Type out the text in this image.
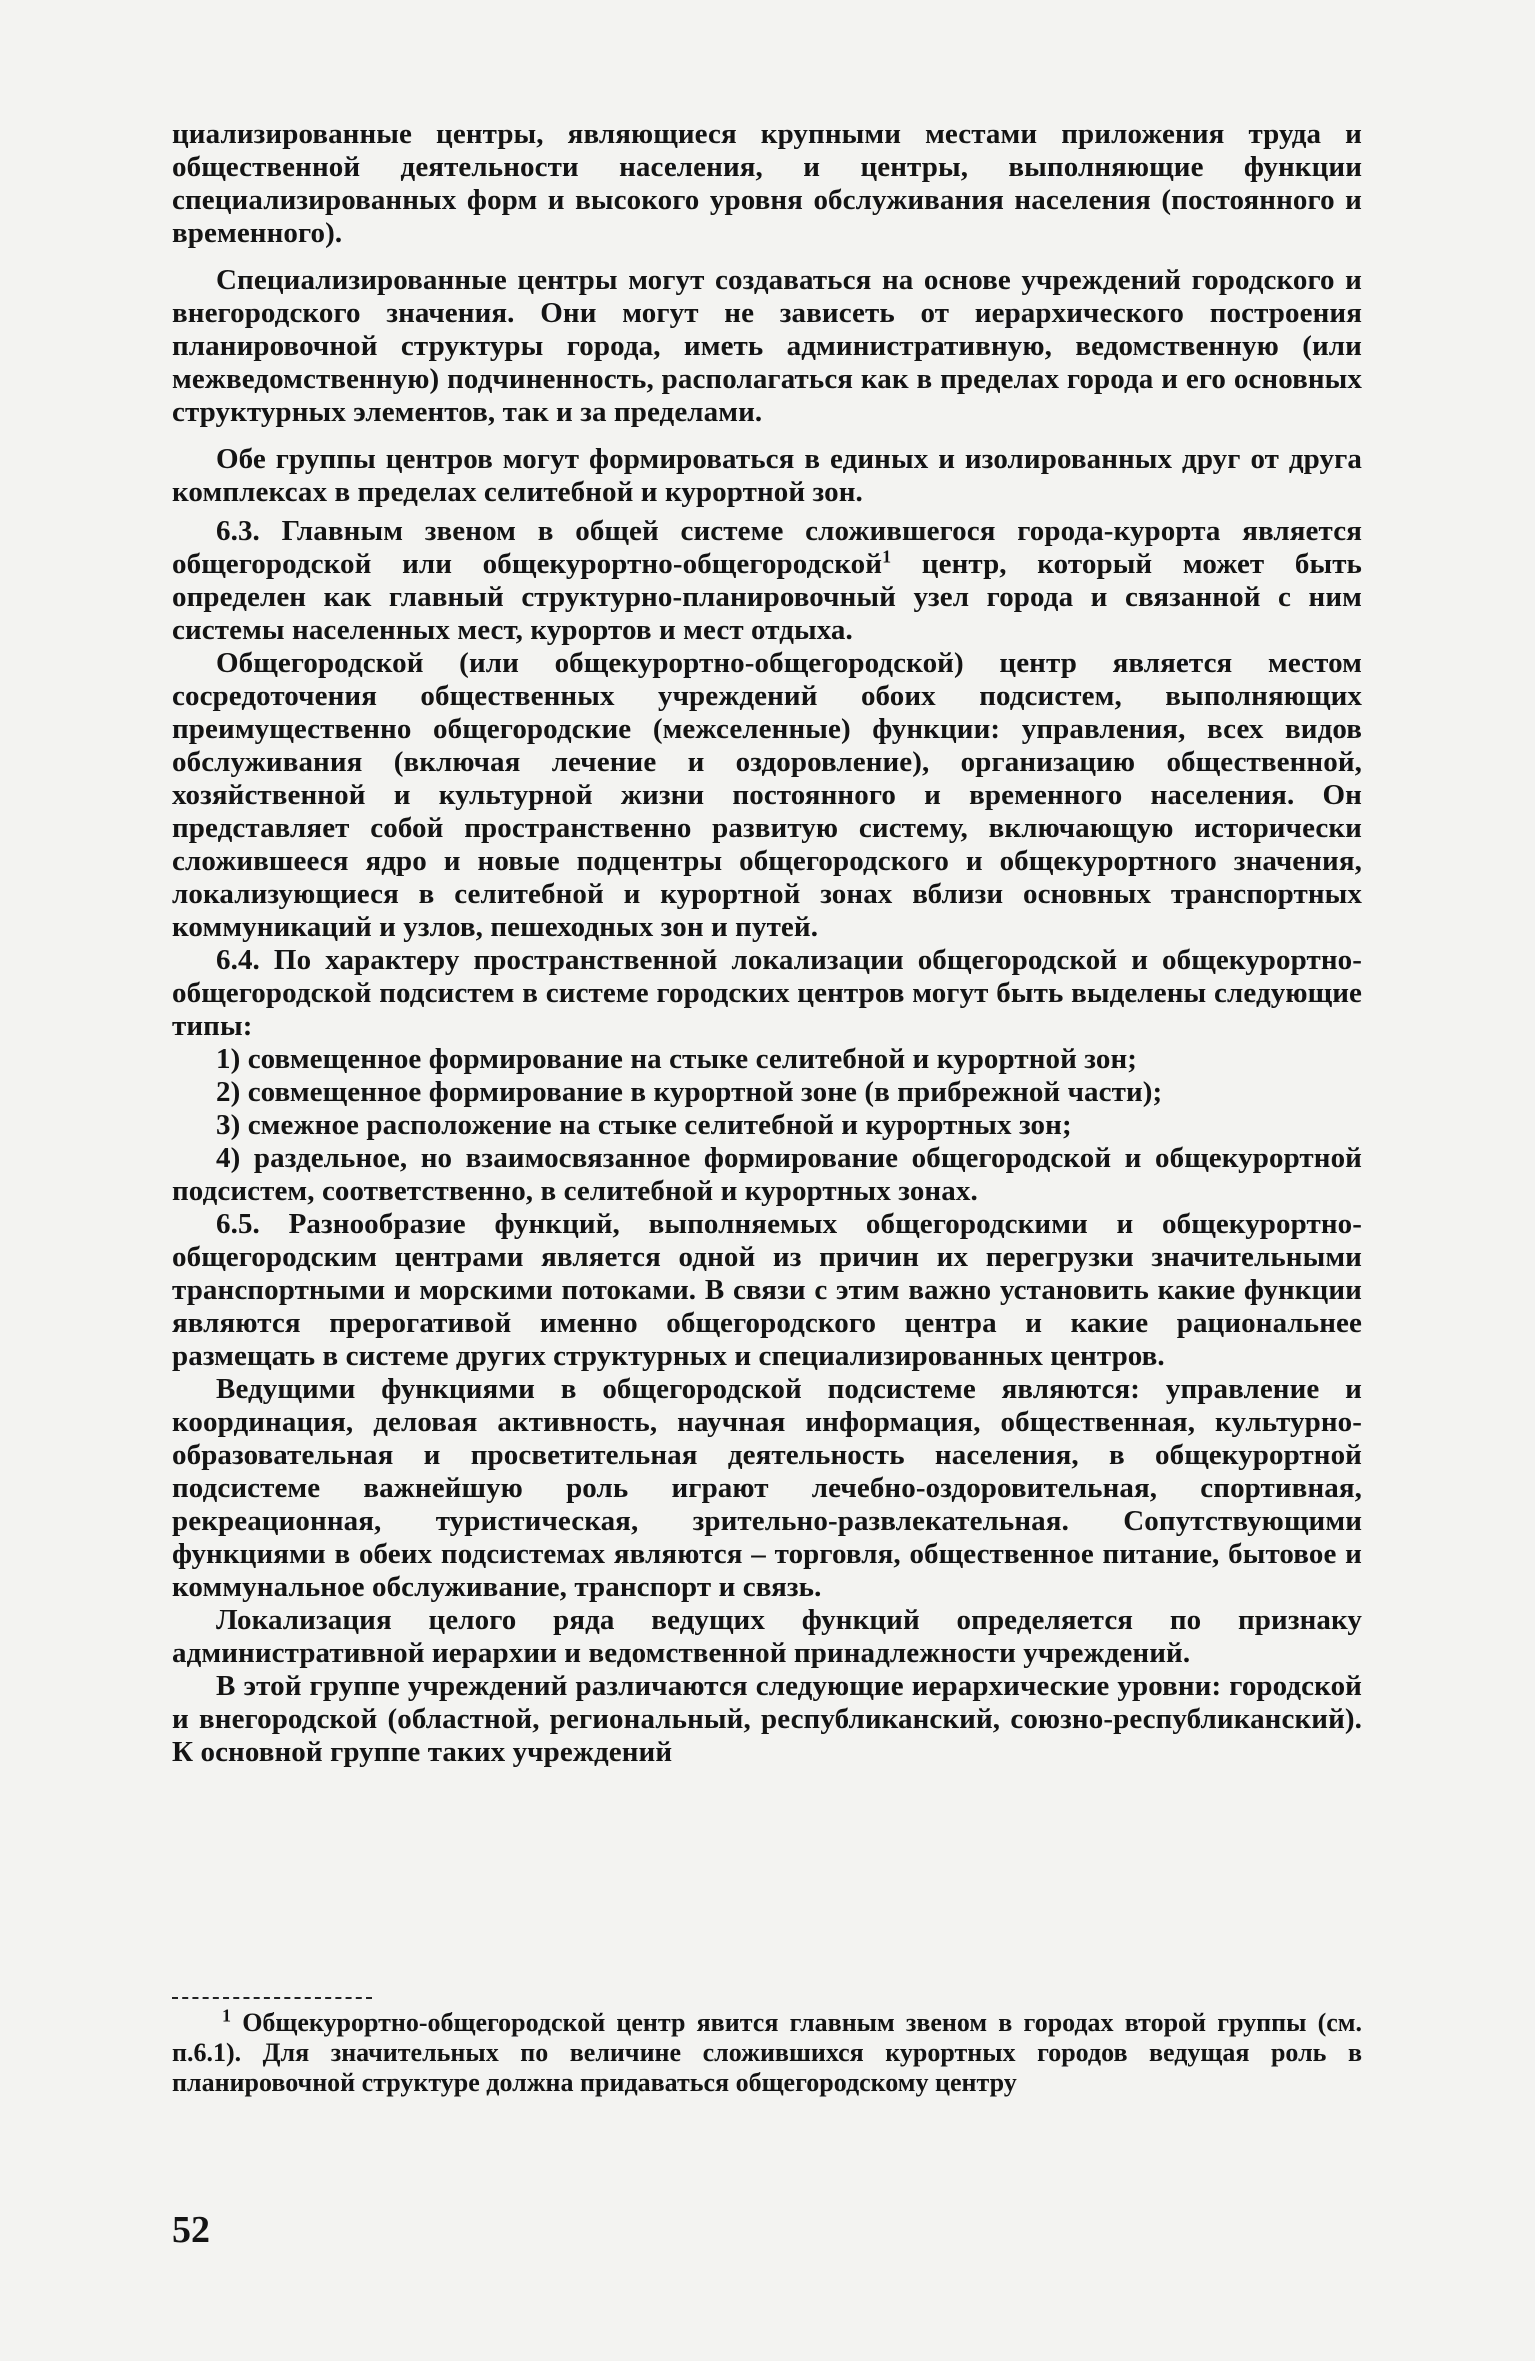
циализированные центры, являющиеся крупными местами приложения труда и общественной деятельности населения, и центры, выполняющие функции специализированных форм и высокого уровня обслуживания населения (постоянного и временного).

Специализированные центры могут создаваться на основе учреждений городского и внегородского значения. Они могут не зависеть от иерархического построения планировочной структуры города, иметь административную, ведомственную (или межведомственную) подчиненность, располагаться как в пределах города и его основных структурных элементов, так и за пределами.

Обе группы центров могут формироваться в единых и изолированных друг от друга комплексах в пределах селитебной и курортной зон.

6.3. Главным звеном в общей системе сложившегося города-курорта является общегородской или общекурортно-общегородской$^1$ центр, который может быть определен как главный структурно-планировочный узел города и связанной с ним системы населенных мест, курортов и мест отдыха.

Общегородской (или общекурортно-общегородской) центр является местом сосредоточения общественных учреждений обоих подсистем, выполняющих преимущественно общегородские (межселенные) функции: управления, всех видов обслуживания (включая лечение и оздоровление), организацию общественной, хозяйственной и культурной жизни постоянного и временного населения. Он представляет собой пространственно развитую систему, включающую исторически сложившееся ядро и новые подцентры общегородского и общекурортного значения, локализующиеся в селитебной и курортной зонах вблизи основных транспортных коммуникаций и узлов, пешеходных зон и путей.

6.4. По характеру пространственной локализации общегородской и общекурортно-общегородской подсистем в системе городских центров могут быть выделены следующие типы:

1) совмещенное формирование на стыке селитебной и курортной зон;

2) совмещенное формирование в курортной зоне (в прибрежной части);

3) смежное расположение на стыке селитебной и курортных зон;

4) раздельное, но взаимосвязанное формирование общегородской и общекурортной подсистем, соответственно, в селитебной и курортных зонах.

6.5. Разнообразие функций, выполняемых общегородскими и общекурортно-общегородским центрами является одной из причин их перегрузки значительными транспортными и морскими потоками. В связи с этим важно установить какие функции являются прерогативой именно общегородского центра и какие рациональнее размещать в системе других структурных и специализированных центров.

Ведущими функциями в общегородской подсистеме являются: управление и координация, деловая активность, научная информация, общественная, культурно-образовательная и просветительная деятельность населения, в общекурортной подсистеме важнейшую роль играют лечебно-оздоровительная, спортивная, рекреационная, туристическая, зрительно-развлекательная. Сопутствующими функциями в обеих подсистемах являются – торговля, общественное питание, бытовое и коммунальное обслуживание, транспорт и связь.

Локализация целого ряда ведущих функций определяется по признаку административной иерархии и ведомственной принадлежности учреждений.

В этой группе учреждений различаются следующие иерархические уровни: городской и внегородской (областной, региональный, республиканский, союзно-республиканский). К основной группе таких учреждений

$^1$ Общекурортно-общегородской центр явится главным звеном в городах второй группы (см. п.6.1). Для значительных по величине сложившихся курортных городов ведущая роль в планировочной структуре должна придаваться общегородскому центру
52
